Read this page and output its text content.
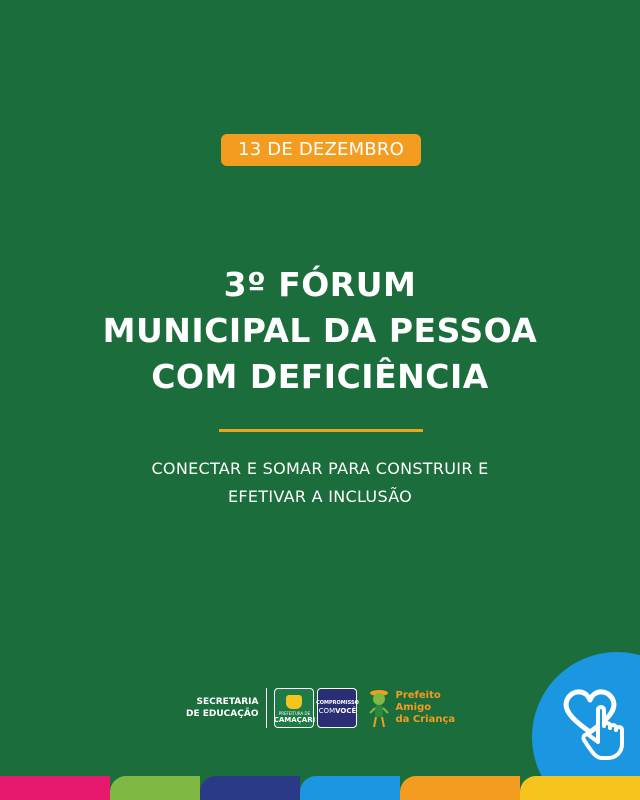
13 DE DEZEMBRO
3º FÓRUM
MUNICIPAL DA PESSOA
COM DEFICIÊNCIA
CONECTAR E SOMAR PARA CONSTRUIR E
EFETIVAR A INCLUSÃO
SECRETARIA
DE EDUCAÇÃO	PREFEITURA DE
CAMAÇARI
COMPROMISSO
COMVOCÊ
Prefeito
Amigo
da Criança
